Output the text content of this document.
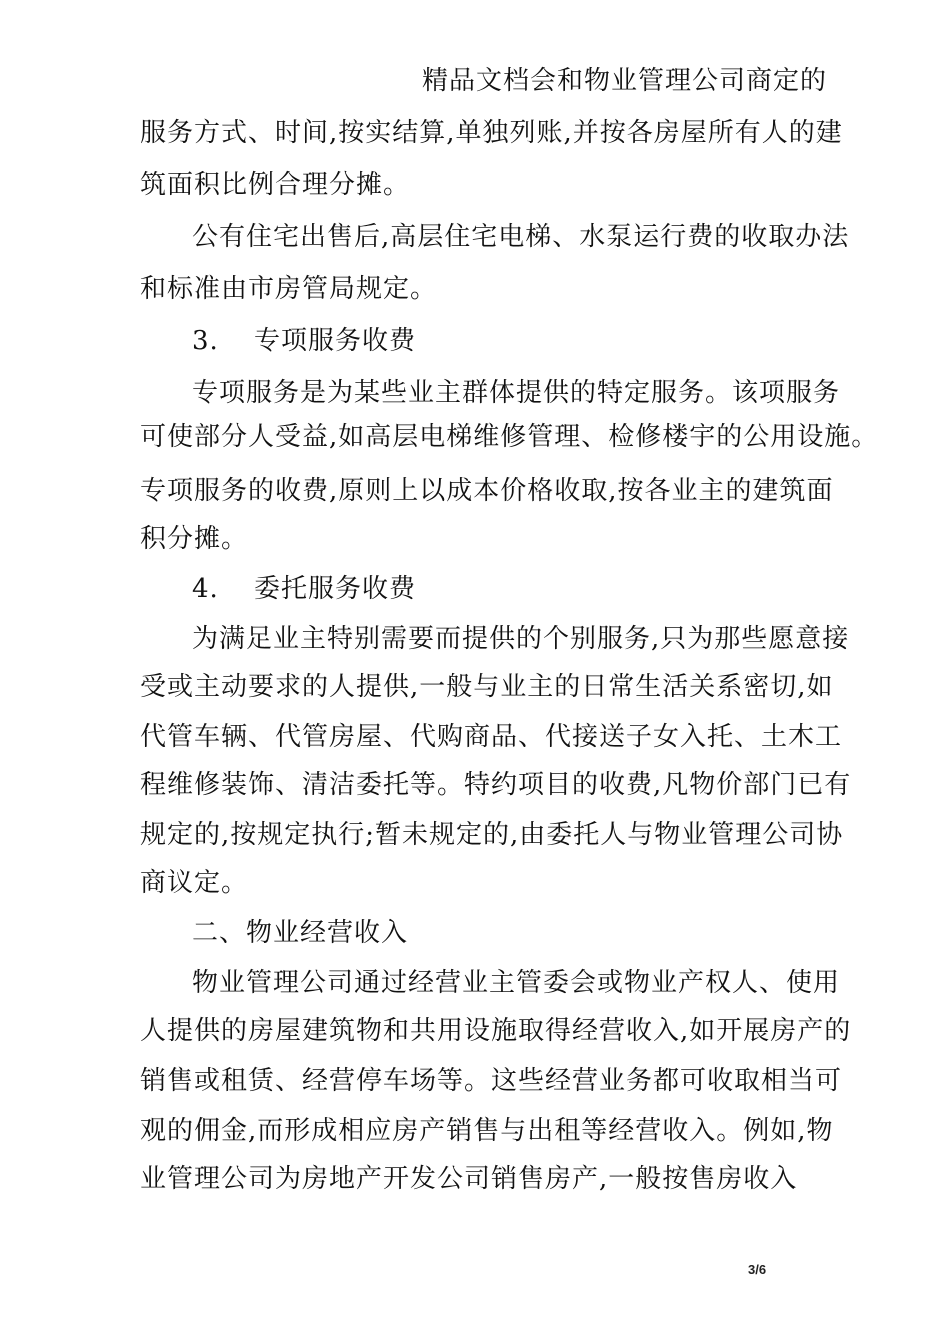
精品文档会和物业管理公司商定的
服务方式、时间,按实结算,单独列账,并按各房屋所有人的建
筑面积比例合理分摊。
公有住宅出售后,高层住宅电梯、水泵运行费的收取办法
和标准由市房管局规定。
3. 专项服务收费
专项服务是为某些业主群体提供的特定服务。该项服务
可使部分人受益,如高层电梯维修管理、检修楼宇的公用设施。
专项服务的收费,原则上以成本价格收取,按各业主的建筑面
积分摊。
4. 委托服务收费
为满足业主特别需要而提供的个别服务,只为那些愿意接
受或主动要求的人提供,一般与业主的日常生活关系密切,如
代管车辆、代管房屋、代购商品、代接送子女入托、土木工
程维修装饰、清洁委托等。特约项目的收费,凡物价部门已有
规定的,按规定执行;暂未规定的,由委托人与物业管理公司协
商议定。
二、物业经营收入
物业管理公司通过经营业主管委会或物业产权人、使用
人提供的房屋建筑物和共用设施取得经营收入,如开展房产的
销售或租赁、经营停车场等。这些经营业务都可收取相当可
观的佣金,而形成相应房产销售与出租等经营收入。例如,物
业管理公司为房地产开发公司销售房产,一般按售房收入
3/6
